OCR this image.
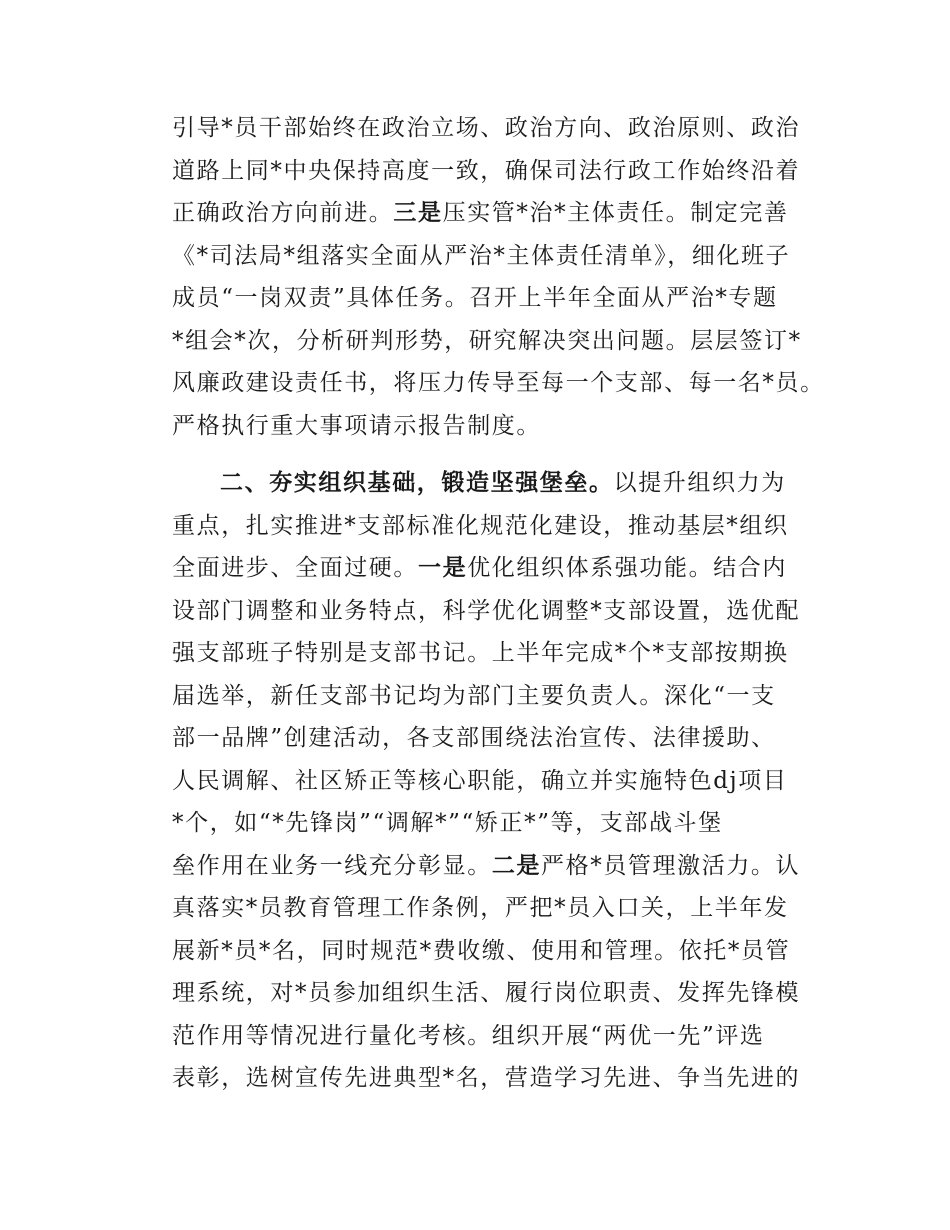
引导*员干部始终在政治立场、政治方向、政治原则、政治
道路上同*中央保持高度一致，确保司法行政工作始终沿着
正确政治方向前进。三是压实管*治*主体责任。制定完善
《*司法局*组落实全面从严治*主体责任清单》，细化班子
成员“一岗双责”具体任务。召开上半年全面从严治*专题
*组会*次，分析研判形势，研究解决突出问题。层层签订*
风廉政建设责任书，将压力传导至每一个支部、每一名*员。
严格执行重大事项请示报告制度。
二、夯实组织基础，锻造坚强堡垒。以提升组织力为
重点，扎实推进*支部标准化规范化建设，推动基层*组织
全面进步、全面过硬。一是优化组织体系强功能。结合内
设部门调整和业务特点，科学优化调整*支部设置，选优配
强支部班子特别是支部书记。上半年完成*个*支部按期换
届选举，新任支部书记均为部门主要负责人。深化“一支
部一品牌”创建活动，各支部围绕法治宣传、法律援助、
人民调解、社区矫正等核心职能，确立并实施特色dj项目
*个，如“*先锋岗”“调解*”“矫正*”等，支部战斗堡
垒作用在业务一线充分彰显。二是严格*员管理激活力。认
真落实*员教育管理工作条例，严把*员入口关，上半年发
展新*员*名，同时规范*费收缴、使用和管理。依托*员管
理系统，对*员参加组织生活、履行岗位职责、发挥先锋模
范作用等情况进行量化考核。组织开展“两优一先”评选
表彰，选树宣传先进典型*名，营造学习先进、争当先进的
